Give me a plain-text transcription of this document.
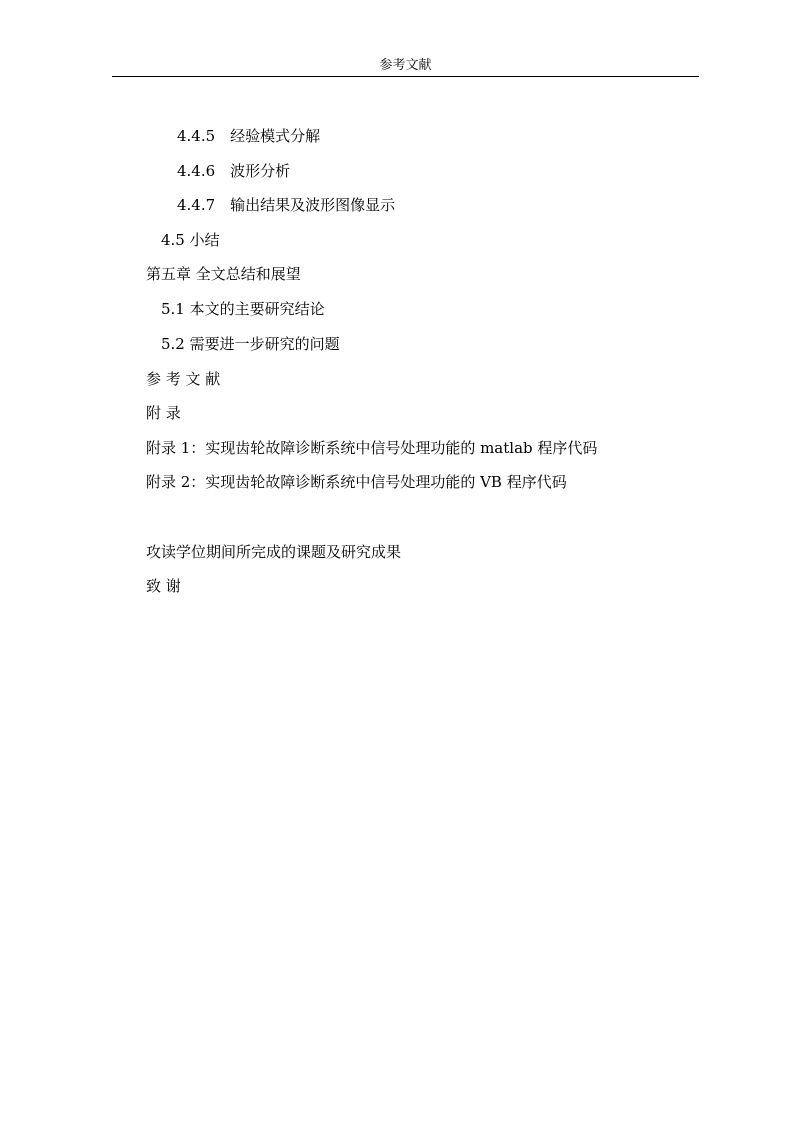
参考文献
4.4.5　经验模式分解
4.4.6　波形分析
4.4.7　输出结果及波形图像显示
4.5 小结
第五章 全文总结和展望
5.1 本文的主要研究结论
5.2 需要进一步研究的问题
参 考 文 献
附 录
附录 1：实现齿轮故障诊断系统中信号处理功能的 matlab 程序代码
附录 2：实现齿轮故障诊断系统中信号处理功能的 VB 程序代码
攻读学位期间所完成的课题及研究成果
致 谢
